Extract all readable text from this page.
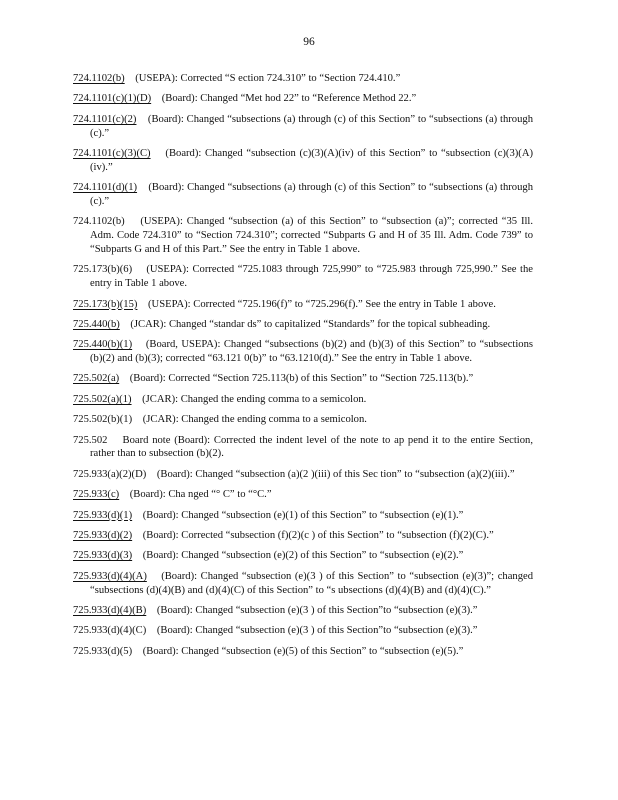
96
724.1102(b) (USEPA): Corrected “S ection 724.310” to “Section 724.410.”
724.1101(c)(1)(D) (Board): Changed “Met hod 22” to “Reference Method 22.”
724.1101(c)(2) (Board): Changed “subsections (a) through (c) of this Section” to “subsections (a) through (c).”
724.1101(c)(3)(C) (Board): Changed “subsection (c)(3)(A)(iv) of this Section” to “subsection (c)(3)(A)(iv).”
724.1101(d)(1) (Board): Changed “subsections (a) through (c) of this Section” to “subsections (a) through (c).”
724.1102(b) (USEPA): Changed “subsection (a) of this Section” to “subsection (a)”; corrected “35 Ill. Adm. Code 724.310” to “Section 724.310”; corrected “Subparts G and H of 35 Ill. Adm. Code 739” to “Subparts G and H of this Part.” See the entry in Table 1 above.
725.173(b)(6) (USEPA): Corrected “725.1083 through 725,990” to “725.983 through 725,990.” See the entry in Table 1 above.
725.173(b)(15) (USEPA): Corrected “725.196(f)” to “725.296(f).” See the entry in Table 1 above.
725.440(b) (JCAR): Changed “standar ds” to capitalized “Standards” for the topical subheading.
725.440(b)(1) (Board, USEPA): Changed “subsections (b)(2) and (b)(3) of this Section” to “subsections (b)(2) and (b)(3); corrected “63.121 0(b)” to “63.1210(d).” See the entry in Table 1 above.
725.502(a) (Board): Corrected “Section 725.113(b) of this Section” to “Section 725.113(b).”
725.502(a)(1) (JCAR): Changed the ending comma to a semicolon.
725.502(b)(1) (JCAR): Changed the ending comma to a semicolon.
725.502 Board note (Board): Corrected the indent level of the note to ap pend it to the entire Section, rather than to subsection (b)(2).
725.933(a)(2)(D) (Board): Changed “subsection (a)(2 )(iii) of this Sec tion” to “subsection (a)(2)(iii).”
725.933(c) (Board): Cha nged “° C” to “°C.”
725.933(d)(1) (Board): Changed “subsection (e)(1) of this Section” to “subsection (e)(1).”
725.933(d)(2) (Board): Corrected “subsection (f)(2)(c ) of this Section” to “subsection (f)(2)(C).”
725.933(d)(3) (Board): Changed “subsection (e)(2) of this Section” to “subsection (e)(2).”
725.933(d)(4)(A) (Board): Changed “subsection (e)(3 ) of this Section” to “subsection (e)(3)”; changed “subsections (d)(4)(B) and (d)(4)(C) of this Section” to “s ubsections (d)(4)(B) and (d)(4)(C).”
725.933(d)(4)(B) (Board): Changed “subsection (e)(3 ) of this Section”to “subsection (e)(3).”
725.933(d)(4)(C) (Board): Changed “subsection (e)(3 ) of this Section”to “subsection (e)(3).”
725.933(d)(5) (Board): Changed “subsection (e)(5) of this Section” to “subsection (e)(5).”
